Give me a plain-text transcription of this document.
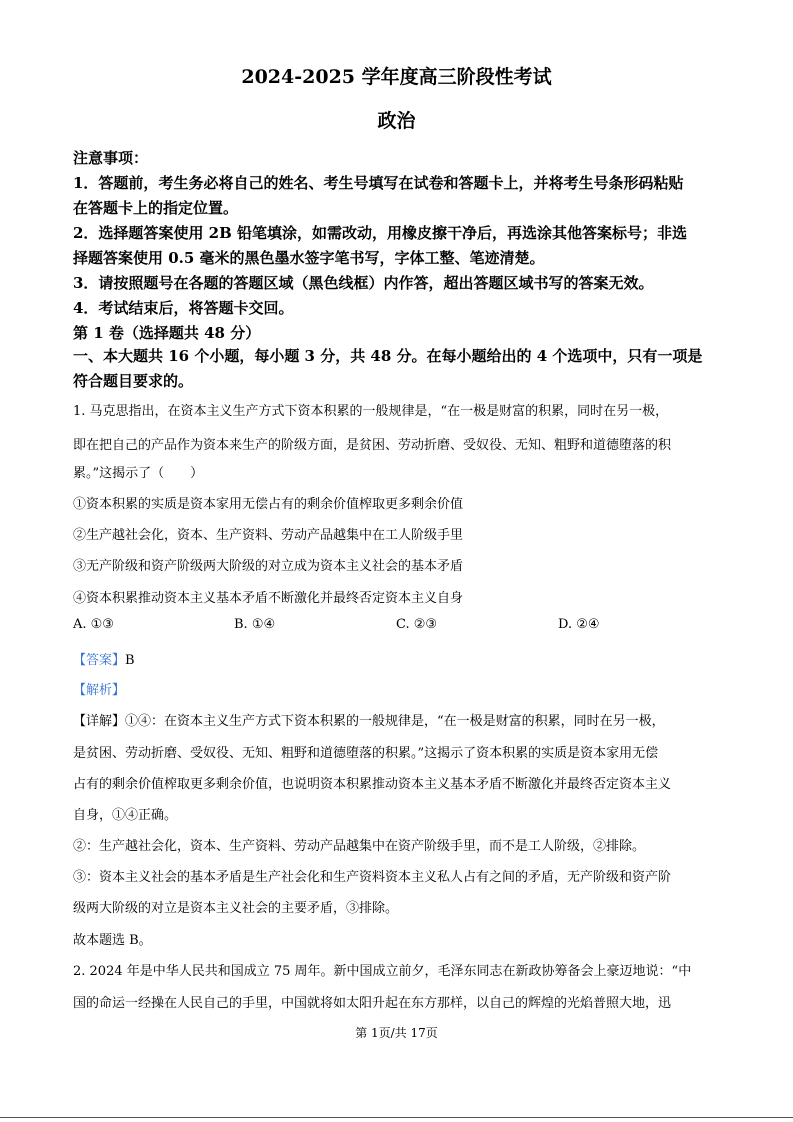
2024-2025 学年度高三阶段性考试
政治
注意事项：
1．答题前，考生务必将自己的姓名、考生号填写在试卷和答题卡上，并将考生号条形码粘贴
在答题卡上的指定位置。
2．选择题答案使用 2B 铅笔填涂，如需改动，用橡皮擦干净后，再选涂其他答案标号；非选
择题答案使用 0.5 毫米的黑色墨水签字笔书写，字体工整、笔迹清楚。
3．请按照题号在各题的答题区域（黑色线框）内作答，超出答题区域书写的答案无效。
4．考试结束后，将答题卡交回。
第 1 卷（选择题共 48 分）
一、本大题共 16 个小题，每小题 3 分，共 48 分。在每小题给出的 4 个选项中，只有一项是
符合题目要求的。
1. 马克思指出，在资本主义生产方式下资本积累的一般规律是，“在一极是财富的积累，同时在另一极，
即在把自己的产品作为资本来生产的阶级方面，是贫困、劳动折磨、受奴役、无知、粗野和道德堕落的积
累。”这揭示了（　　）
①资本积累的实质是资本家用无偿占有的剩余价值榨取更多剩余价值
②生产越社会化，资本、生产资料、劳动产品越集中在工人阶级手里
③无产阶级和资产阶级两大阶级的对立成为资本主义社会的基本矛盾
④资本积累推动资本主义基本矛盾不断激化并最终否定资本主义自身
A. ①③	B. ①④	C. ②③	D. ②④
【答案】B
【解析】
【详解】①④：在资本主义生产方式下资本积累的一般规律是，“在一极是财富的积累，同时在另一极，
是贫困、劳动折磨、受奴役、无知、粗野和道德堕落的积累。”这揭示了资本积累的实质是资本家用无偿
占有的剩余价值榨取更多剩余价值，也说明资本积累推动资本主义基本矛盾不断激化并最终否定资本主义
自身，①④正确。
②：生产越社会化，资本、生产资料、劳动产品越集中在资产阶级手里，而不是工人阶级，②排除。
③：资本主义社会的基本矛盾是生产社会化和生产资料资本主义私人占有之间的矛盾，无产阶级和资产阶
级两大阶级的对立是资本主义社会的主要矛盾，③排除。
故本题选 B。
2. 2024 年是中华人民共和国成立 75 周年。新中国成立前夕，毛泽东同志在新政协筹备会上豪迈地说：“中
国的命运一经操在人民自己的手里，中国就将如太阳升起在东方那样，以自己的辉煌的光焰普照大地，迅
第 1页/共 17页
